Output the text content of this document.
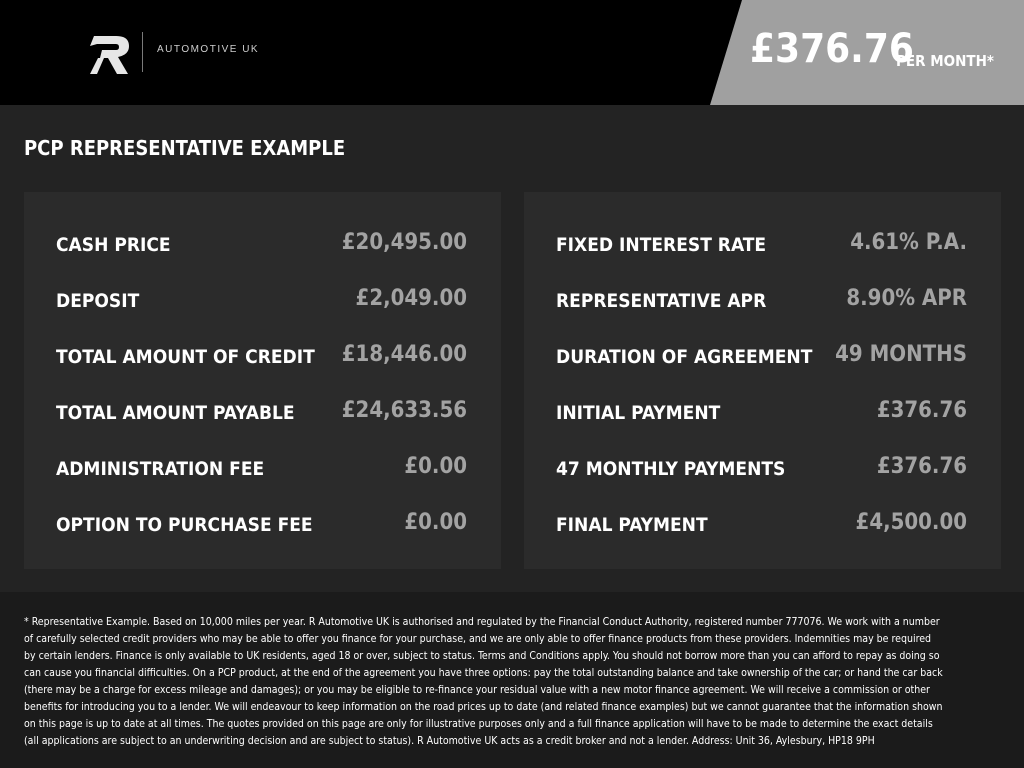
AUTOMOTIVE UK	£376.76
PER MONTH*
PCP REPRESENTATIVE EXAMPLE
CASH PRICE	£20,495.00
DEPOSIT	£2,049.00
TOTAL AMOUNT OF CREDIT £18,446.00
TOTAL AMOUNT PAYABLE £24,633.56
ADMINISTRATION FEE	£0.00
OPTION TO PURCHASE FEE	£0.00
FIXED INTEREST RATE	4.61% P.A.
REPRESENTATIVE APR	8.90% APR
DURATION OF AGREEMENT 49 MONTHS
INITIAL PAYMENT	£376.76
47 MONTHLY PAYMENTS	£376.76
FINAL PAYMENT	£4,500.00
* Representative Example. Based on 10,000 miles per year. R Automotive UK is authorised and regulated by the Financial Conduct Authority, registered number 777076. We work with a number of carefully selected credit providers who may be able to offer you finance for your purchase, and we are only able to offer finance products from these providers. Indemnities may be required by certain lenders. Finance is only available to UK residents, aged 18 or over, subject to status. Terms and Conditions apply. You should not borrow more than you can afford to repay as doing so can cause you financial difficulties. On a PCP product, at the end of the agreement you have three options: pay the total outstanding balance and take ownership of the car; or hand the car back (there may be a charge for excess mileage and damages); or you may be eligible to re-finance your residual value with a new motor finance agreement. We will receive a commission or other benefits for introducing you to a lender. We will endeavour to keep information on the road prices up to date (and related finance examples) but we cannot guarantee that the information shown on this page is up to date at all times. The quotes provided on this page are only for illustrative purposes only and a full finance application will have to be made to determine the exact details (all applications are subject to an underwriting decision and are subject to status). R Automotive UK acts as a credit broker and not a lender. Address: Unit 36, Aylesbury, HP18 9PH
